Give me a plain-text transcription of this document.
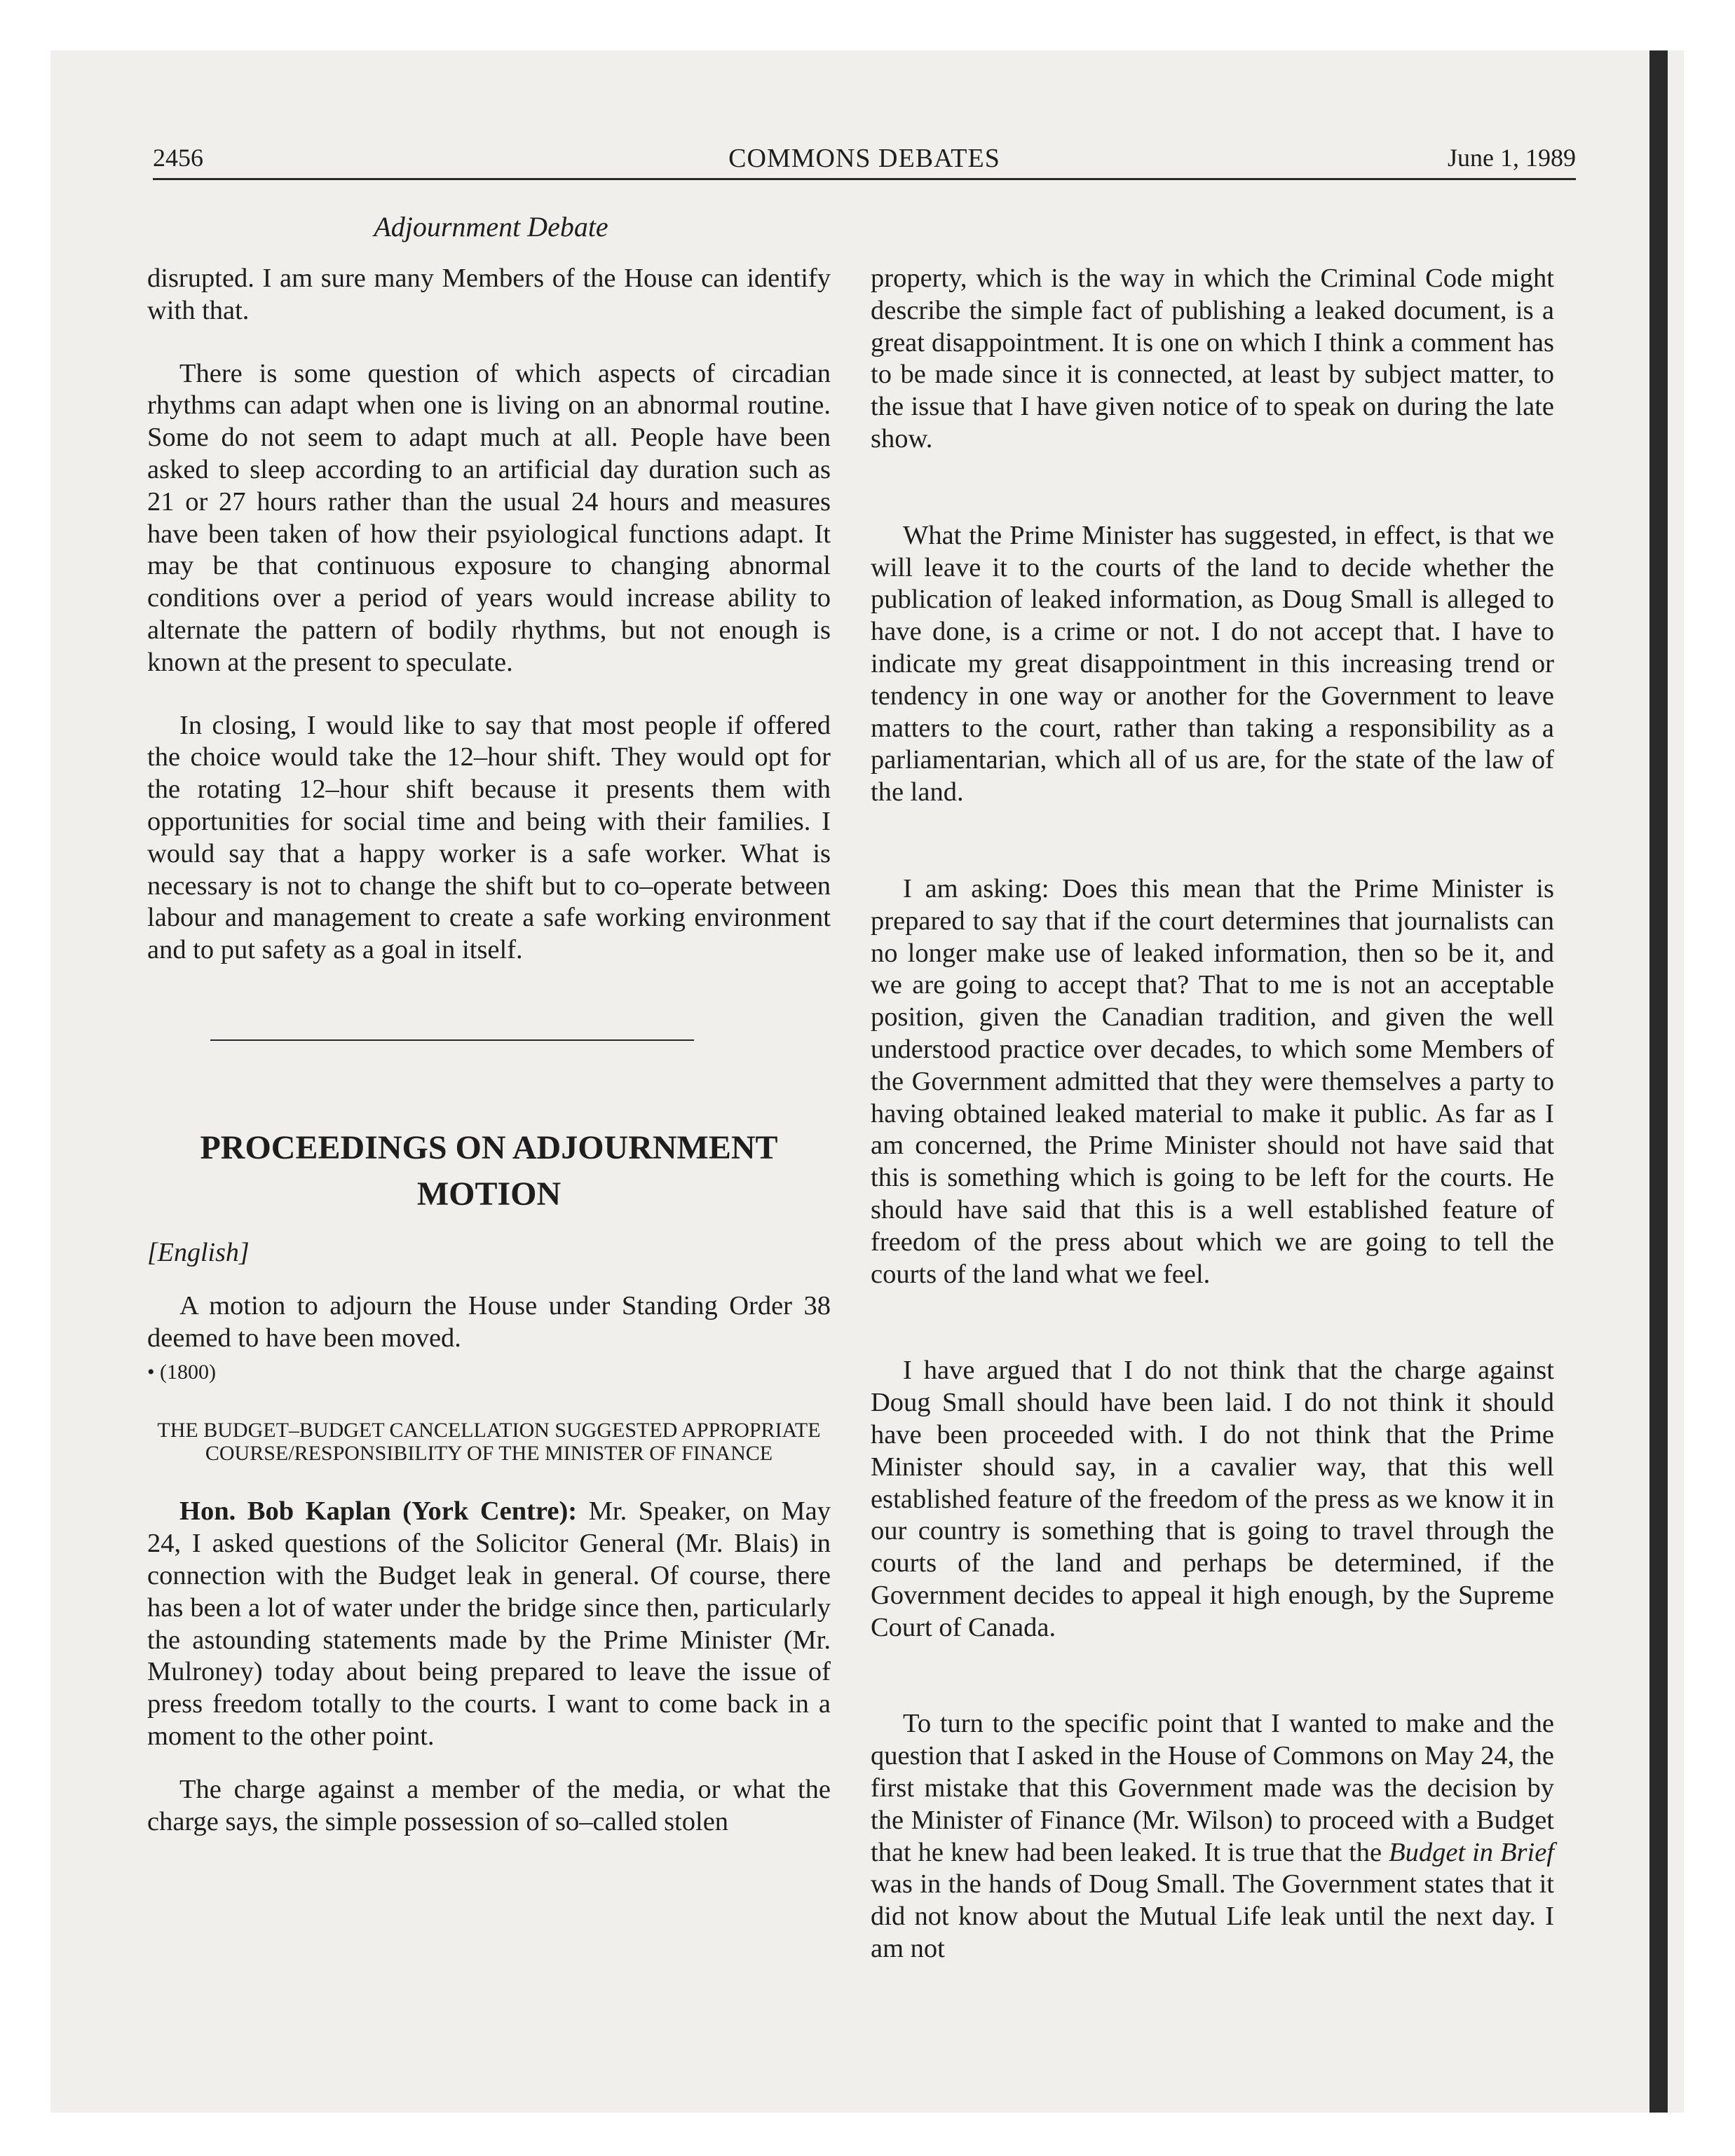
2456	COMMONS DEBATES	June 1, 1989
Adjournment Debate

disrupted. I am sure many Members of the House can identify with that.

There is some question of which aspects of circadian rhythms can adapt when one is living on an abnormal routine. Some do not seem to adapt much at all. People have been asked to sleep according to an artificial day duration such as 21 or 27 hours rather than the usual 24 hours and measures have been taken of how their psyiological functions adapt. It may be that continuous exposure to changing abnormal conditions over a period of years would increase ability to alternate the pattern of bodily rhythms, but not enough is known at the present to speculate.

In closing, I would like to say that most people if offered the choice would take the 12–hour shift. They would opt for the rotating 12–hour shift because it presents them with opportunities for social time and being with their families. I would say that a happy worker is a safe worker. What is necessary is not to change the shift but to co–operate between labour and management to create a safe working environment and to put safety as a goal in itself.

PROCEEDINGS ON ADJOURNMENT MOTION
[English]

A motion to adjourn the House under Standing Order 38 deemed to have been moved.

• (1800)
THE BUDGET–BUDGET CANCELLATION SUGGESTED APPROPRIATE COURSE/RESPONSIBILITY OF THE MINISTER OF FINANCE

Hon. Bob Kaplan (York Centre): Mr. Speaker, on May 24, I asked questions of the Solicitor General (Mr. Blais) in connection with the Budget leak in general. Of course, there has been a lot of water under the bridge since then, particularly the astounding statements made by the Prime Minister (Mr. Mulroney) today about being prepared to leave the issue of press freedom totally to the courts. I want to come back in a moment to the other point.

The charge against a member of the media, or what the charge says, the simple possession of so–called stolen

property, which is the way in which the Criminal Code might describe the simple fact of publishing a leaked document, is a great disappointment. It is one on which I think a comment has to be made since it is connected, at least by subject matter, to the issue that I have given notice of to speak on during the late show.

What the Prime Minister has suggested, in effect, is that we will leave it to the courts of the land to decide whether the publication of leaked information, as Doug Small is alleged to have done, is a crime or not. I do not accept that. I have to indicate my great disappointment in this increasing trend or tendency in one way or another for the Government to leave matters to the court, rather than taking a responsibility as a parliamentarian, which all of us are, for the state of the law of the land.

I am asking: Does this mean that the Prime Minister is prepared to say that if the court determines that journalists can no longer make use of leaked information, then so be it, and we are going to accept that? That to me is not an acceptable position, given the Canadian tradition, and given the well understood practice over decades, to which some Members of the Government admitted that they were themselves a party to having obtained leaked material to make it public. As far as I am concerned, the Prime Minister should not have said that this is something which is going to be left for the courts. He should have said that this is a well established feature of freedom of the press about which we are going to tell the courts of the land what we feel.

I have argued that I do not think that the charge against Doug Small should have been laid. I do not think it should have been proceeded with. I do not think that the Prime Minister should say, in a cavalier way, that this well established feature of the freedom of the press as we know it in our country is something that is going to travel through the courts of the land and perhaps be determined, if the Government decides to appeal it high enough, by the Supreme Court of Canada.

To turn to the specific point that I wanted to make and the question that I asked in the House of Commons on May 24, the first mistake that this Government made was the decision by the Minister of Finance (Mr. Wilson) to proceed with a Budget that he knew had been leaked. It is true that the Budget in Brief was in the hands of Doug Small. The Government states that it did not know about the Mutual Life leak until the next day. I am not
